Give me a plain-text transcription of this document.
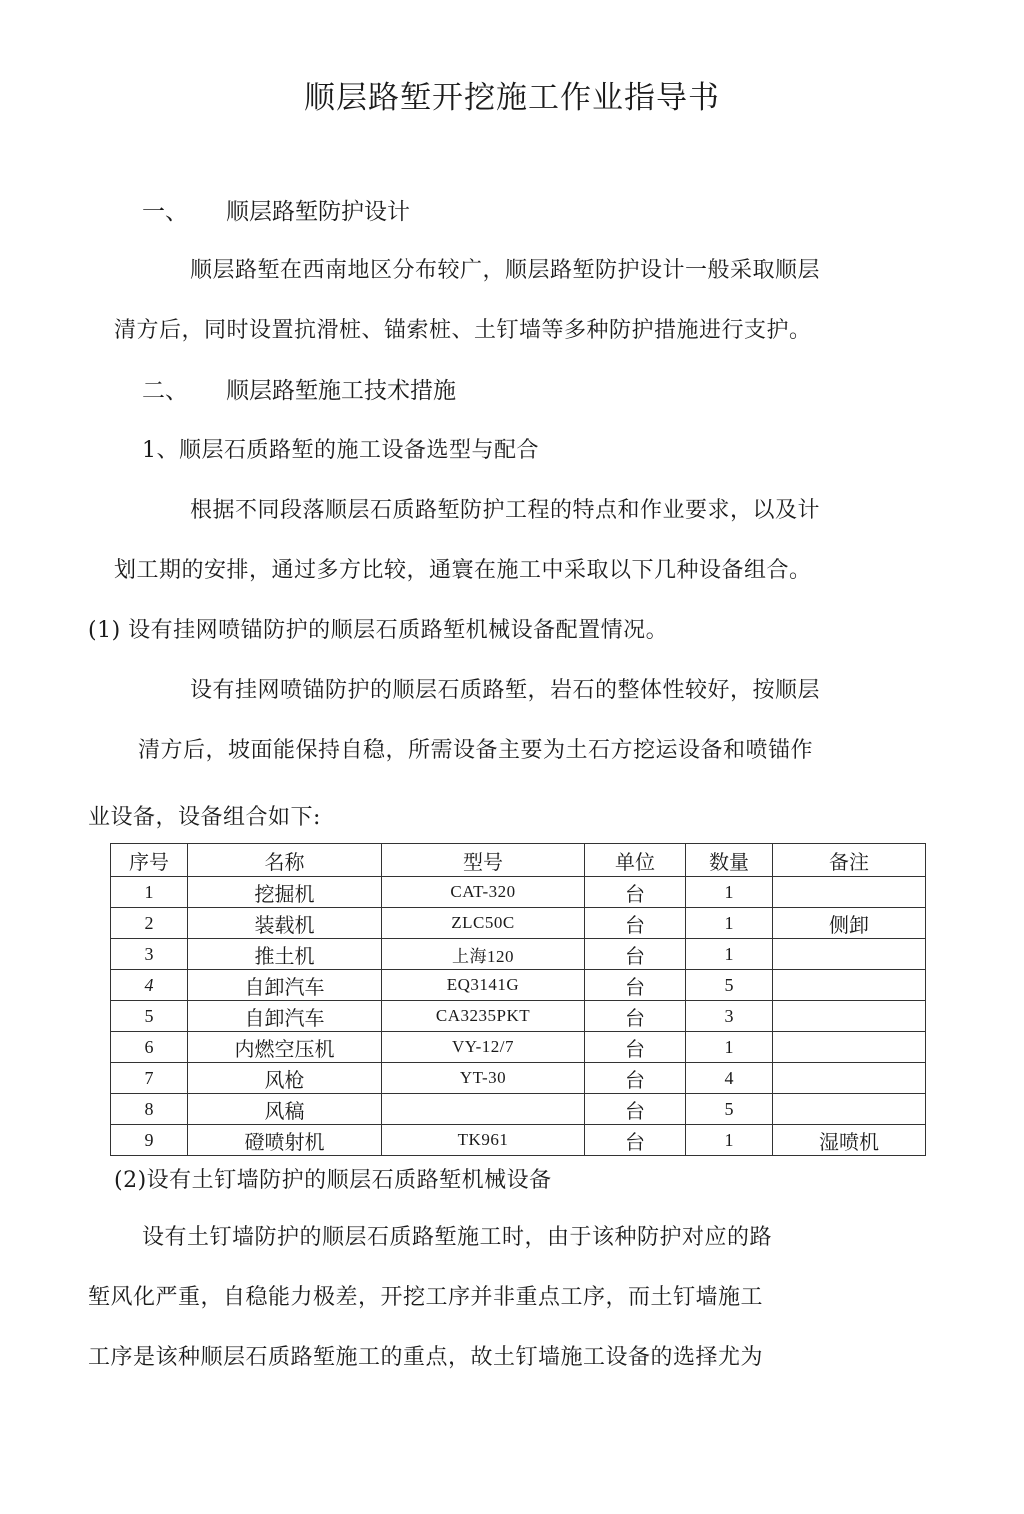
顺层路堑开挖施工作业指导书
一、 顺层路堑防护设计
顺层路堑在西南地区分布较广，顺层路堑防护设计一般采取顺层
清方后，同时设置抗滑桩、锚索桩、土钉墙等多种防护措施进行支护。
二、 顺层路堑施工技术措施
1、顺层石质路堑的施工设备选型与配合
根据不同段落顺层石质路堑防护工程的特点和作业要求，以及计
划工期的安排，通过多方比较，通寰在施工中采取以下几种设备组合。
(1) 设有挂网喷锚防护的顺层石质路堑机械设备配置情况。
设有挂网喷锚防护的顺层石质路堑，岩石的整体性较好，按顺层
清方后，坡面能保持自稳，所需设备主要为土石方挖运设备和喷锚作
业设备，设备组合如下:
序号	名称	型号	单位	数量	备注
1	挖掘机	CAT-320	台	1	
2	装载机	ZLC50C	台	1	侧卸
3	推土机	上海120	台	1	
4	自卸汽车	EQ3141G	台	5	
5	自卸汽车	CA3235PKT	台	3	
6	内燃空压机	VY-12/7	台	1	
7	风枪	YT-30	台	4	
8	风稿		台	5	
9	磴喷射机	TK961	台	1	湿喷机
(2)设有土钉墙防护的顺层石质路堑机械设备
设有土钉墙防护的顺层石质路堑施工时，由于该种防护对应的路
堑风化严重，自稳能力极差，开挖工序并非重点工序，而土钉墙施工
工序是该种顺层石质路堑施工的重点，故土钉墙施工设备的选择尤为
